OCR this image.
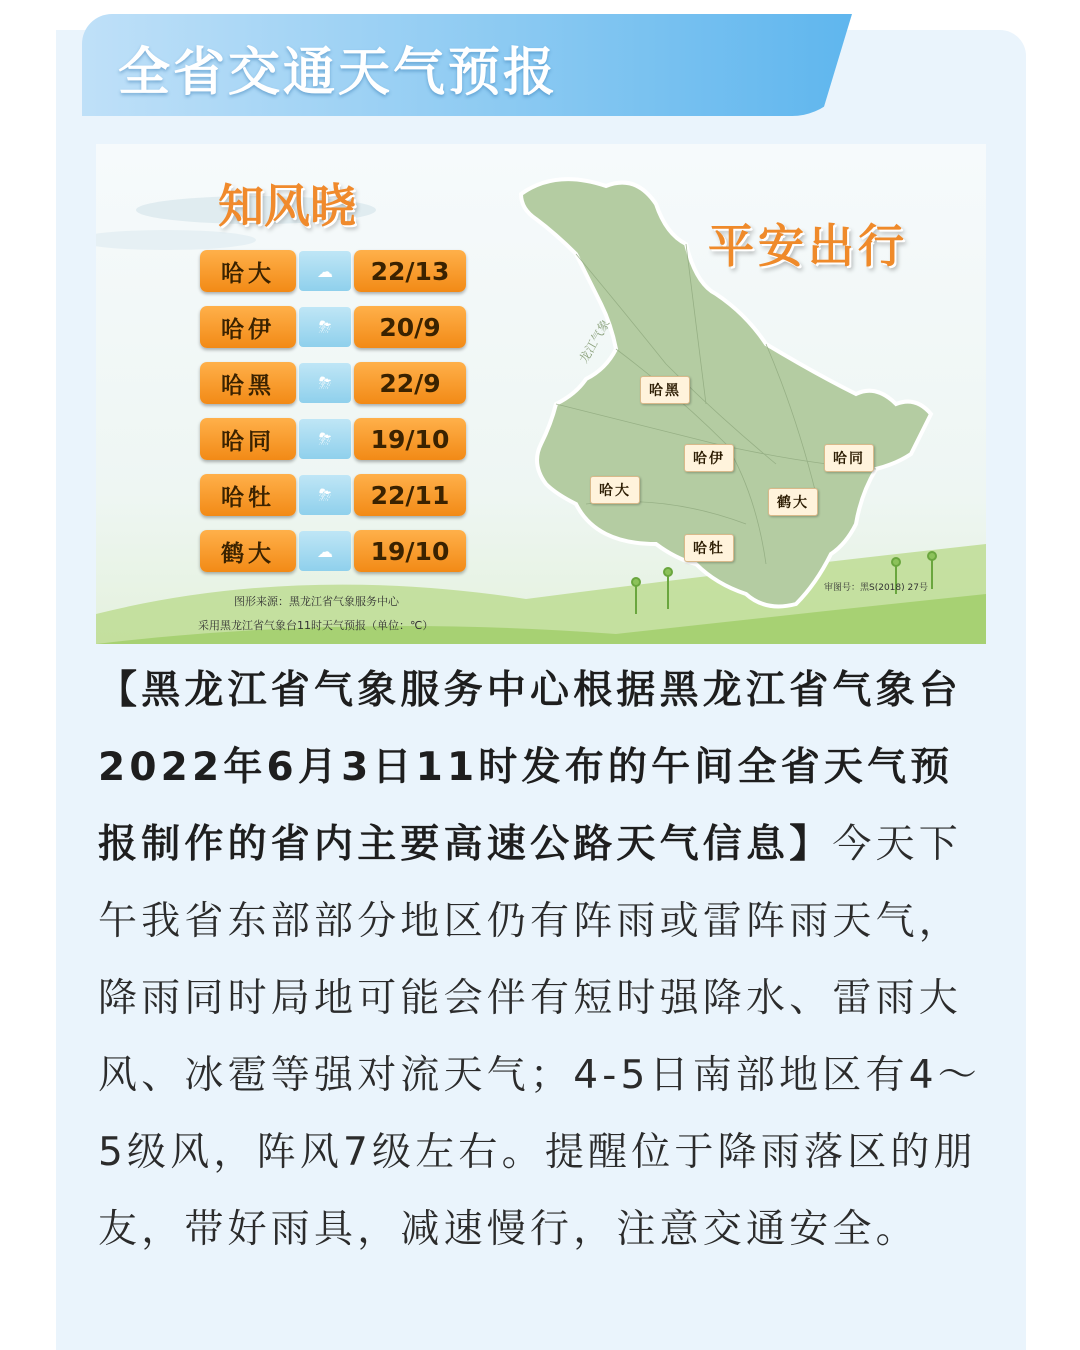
全省交通天气预报
知风晓
平安出行
龙江气象
哈黑
哈伊	哈同
哈大
鹤大
哈牡
哈大	☁	22/13
哈伊	⛈	20/9
哈黑	⛈	22/9
哈同	⛈	19/10
哈牡	⛈	22/11
鹤大	☁	19/10
图形来源：黑龙江省气象服务中心
采用黑龙江省气象台11时天气预报（单位：℃）
审图号：黑S(2018) 27号
【黑龙江省气象服务中心根据黑龙江省气象台2022年6月3日11时发布的午间全省天气预报制作的省内主要高速公路天气信息】今天下午我省东部部分地区仍有阵雨或雷阵雨天气，降雨同时局地可能会伴有短时强降水、雷雨大风、冰雹等强对流天气；4-5日南部地区有4～5级风，阵风7级左右。提醒位于降雨落区的朋友，带好雨具，减速慢行，注意交通安全。
